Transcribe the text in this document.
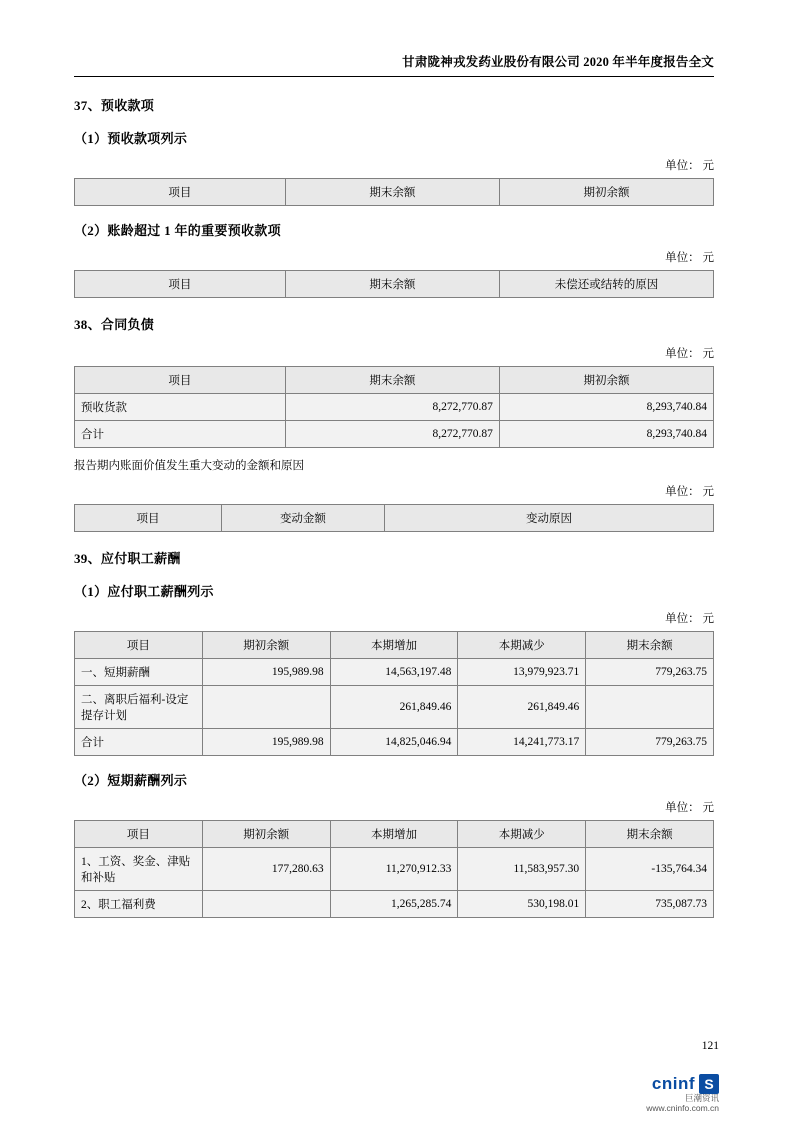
甘肃陇神戎发药业股份有限公司 2020 年半年度报告全文
37、预收款项
（1）预收款项列示
单位： 元
项目	期末余额	期初余额
（2）账龄超过 1 年的重要预收款项
单位： 元
项目	期末余额	未偿还或结转的原因
38、合同负债
单位： 元
项目	期末余额	期初余额
预收货款	8,272,770.87	8,293,740.84
合计	8,272,770.87	8,293,740.84
报告期内账面价值发生重大变动的金额和原因
单位： 元
项目	变动金额	变动原因
39、应付职工薪酬
（1）应付职工薪酬列示
单位： 元
项目	期初余额	本期增加	本期减少	期末余额
一、短期薪酬	195,989.98	14,563,197.48	13,979,923.71	779,263.75
二、离职后福利-设定提存计划		261,849.46	261,849.46	
合计	195,989.98	14,825,046.94	14,241,773.17	779,263.75
（2）短期薪酬列示
单位： 元
项目	期初余额	本期增加	本期减少	期末余额
1、工资、奖金、津贴和补贴	177,280.63	11,270,912.33	11,583,957.30	-135,764.34
2、职工福利费		1,265,285.74	530,198.01	735,087.73
121
cninf S
巨潮资讯
www.cninfo.com.cn
